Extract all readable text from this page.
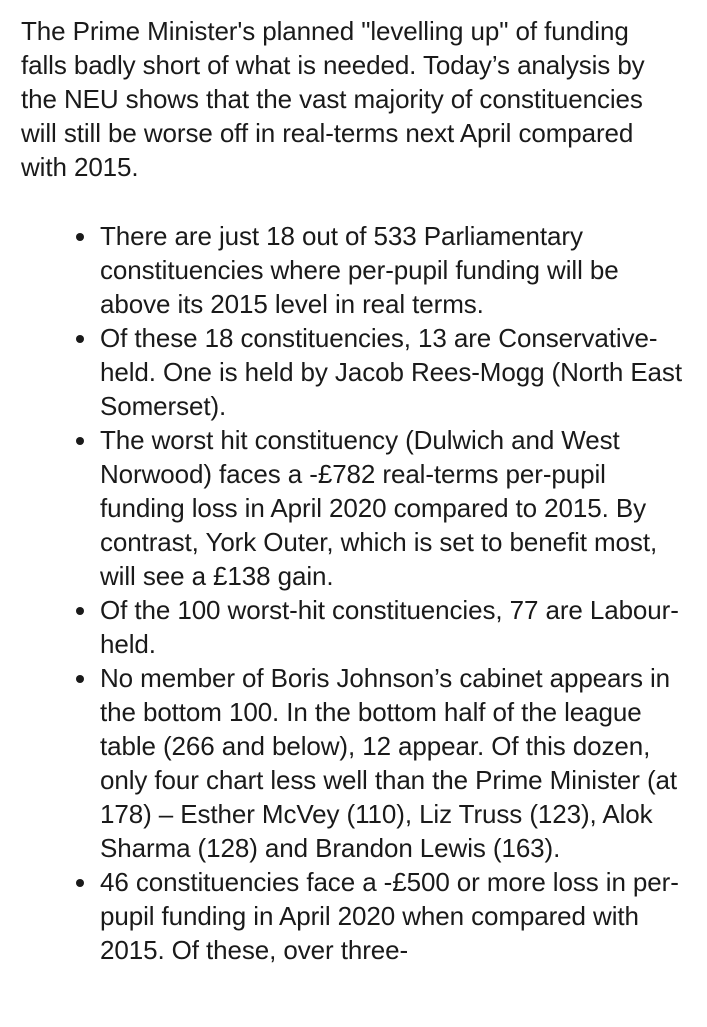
The Prime Minister's planned "levelling up" of funding falls badly short of what is needed. Today’s analysis by the NEU shows that the vast majority of constituencies will still be worse off in real-terms next April compared with 2015.

There are just 18 out of 533 Parliamentary constituencies where per-pupil funding will be above its 2015 level in real terms.
Of these 18 constituencies, 13 are Conservative-held. One is held by Jacob Rees-Mogg (North East Somerset).
The worst hit constituency (Dulwich and West Norwood) faces a -£782 real-terms per-pupil funding loss in April 2020 compared to 2015. By contrast, York Outer, which is set to benefit most, will see a £138 gain.
Of the 100 worst-hit constituencies, 77 are Labour-held.
No member of Boris Johnson’s cabinet appears in the bottom 100. In the bottom half of the league table (266 and below), 12 appear. Of this dozen, only four chart less well than the Prime Minister (at 178) – Esther McVey (110), Liz Truss (123), Alok Sharma (128) and Brandon Lewis (163).
46 constituencies face a -£500 or more loss in per-pupil funding in April 2020 when compared with 2015. Of these, over three-
